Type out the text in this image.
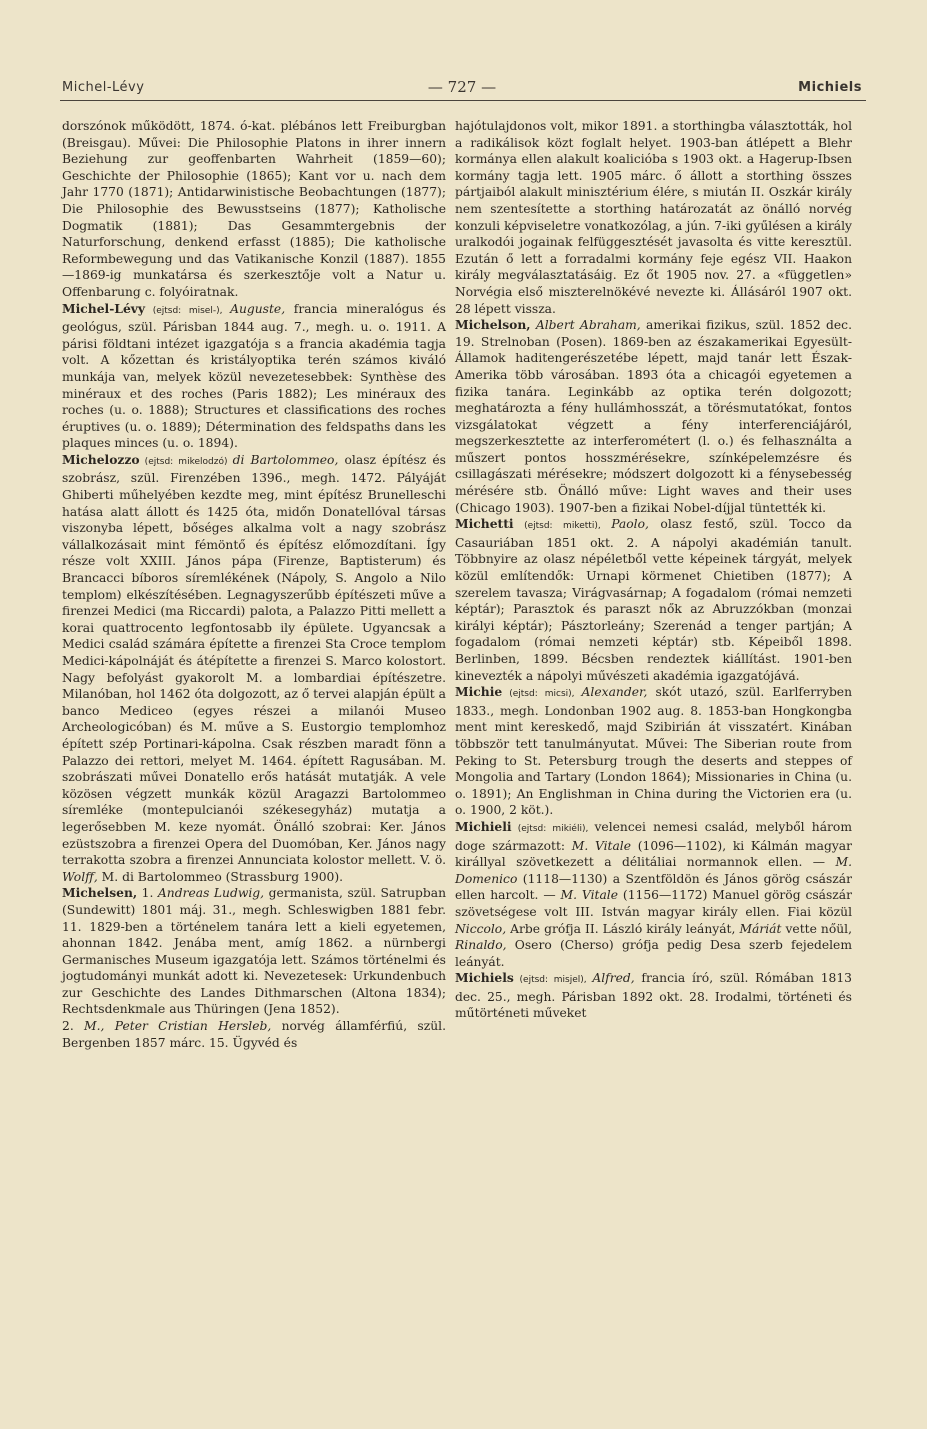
Michel-Lévy	— 727 —	Michiels

dorszónok működött, 1874. ó-kat. plébános lett Freiburgban (Breisgau). Művei: Die Philosophie Platons in ihrer innern Beziehung zur geoffenbarten Wahrheit (1859—60); Geschichte der Philosophie (1865); Kant vor u. nach dem Jahr 1770 (1871); Antidarwinistische Beobachtungen (1877); Die Philosophie des Bewusstseins (1877); Katholische Dogmatik (1881); Das Gesammtergebnis der Naturforschung, denkend erfasst (1885); Die katholische Reformbewegung und das Vatikanische Konzil (1887). 1855—1869-ig munkatársa és szerkesztője volt a Natur u. Offenbarung c. folyóiratnak.

Michel-Lévy (ejtsd: misel-), Auguste, francia mineralógus és geológus, szül. Párisban 1844 aug. 7., megh. u. o. 1911. A párisi földtani intézet igazgatója s a francia akadémia tagja volt. A kőzettan és kristályoptika terén számos kiváló munkája van, melyek közül nevezetesebbek: Synthèse des minéraux et des roches (Paris 1882); Les minéraux des roches (u. o. 1888); Structures et classifications des roches éruptives (u. o. 1889); Détermination des feldspaths dans les plaques minces (u. o. 1894).

Michelozzo (ejtsd: mikelodzó) di Bartolommeo, olasz építész és szobrász, szül. Firenzében 1396., megh. 1472. Pályáját Ghiberti műhelyében kezdte meg, mint építész Brunelleschi hatása alatt állott és 1425 óta, midőn Donatellóval társas viszonyba lépett, bőséges alkalma volt a nagy szobrász vállalkozásait mint fémöntő és építész előmozdítani. Így része volt XXIII. János pápa (Firenze, Baptisterum) és Brancacci bíboros síremlékének (Nápoly, S. Angolo a Nilo templom) elkészítésében. Legnagyszerűbb építészeti műve a firenzei Medici (ma Riccardi) palota, a Palazzo Pitti mellett a korai quattrocento legfontosabb ily épülete. Ugyancsak a Medici család számára építette a firenzei Sta Croce templom Medici-kápolnáját és átépítette a firenzei S. Marco kolostort. Nagy befolyást gyakorolt M. a lombardiai építészetre. Milanóban, hol 1462 óta dolgozott, az ő tervei alapján épült a banco Mediceo (egyes részei a milanói Museo Archeologicóban) és M. műve a S. Eustorgio templomhoz épített szép Portinari-kápolna. Csak részben maradt fönn a Palazzo dei rettori, melyet M. 1464. épített Ragusában. M. szobrászati művei Donatello erős hatását mutatják. A vele közösen végzett munkák közül Aragazzi Bartolommeo síremléke (montepulcianói székesegyház) mutatja a legerősebben M. keze nyomát. Önálló szobrai: Ker. János ezüstszobra a firenzei Opera del Duomóban, Ker. János nagy terrakotta szobra a firenzei Annunciata kolostor mellett. V. ö. Wolff, M. di Bartolommeo (Strassburg 1900).

Michelsen, 1. Andreas Ludwig, germanista, szül. Satrupban (Sundewitt) 1801 máj. 31., megh. Schleswigben 1881 febr. 11. 1829-ben a történelem tanára lett a kieli egyetemen, ahonnan 1842. Jenába ment, amíg 1862. a nürnbergi Germanisches Museum igazgatója lett. Számos történelmi és jogtudományi munkát adott ki. Nevezetesek: Urkundenbuch zur Geschichte des Landes Dithmarschen (Altona 1834); Rechtsdenkmale aus Thüringen (Jena 1852).

2. M., Peter Cristian Hersleb, norvég államférfiú, szül. Bergenben 1857 márc. 15. Ügyvéd és

hajótulajdonos volt, mikor 1891. a storthingba választották, hol a radikálisok közt foglalt helyet. 1903-ban átlépett a Blehr kormánya ellen alakult koalicióba s 1903 okt. a Hagerup-Ibsen kormány tagja lett. 1905 márc. ő állott a storthing összes pártjaiból alakult minisztérium élére, s miután II. Oszkár király nem szentesítette a storthing határozatát az önálló norvég konzuli képviseletre vonatkozólag, a jún. 7-iki gyűlésen a király uralkodói jogainak felfüggesztését javasolta és vitte keresztül. Ezután ő lett a forradalmi kormány feje egész VII. Haakon király megválasztatásáig. Ez őt 1905 nov. 27. a «független» Norvégia első miszterelnökévé nevezte ki. Állásáról 1907 okt. 28 lépett vissza.

Michelson, Albert Abraham, amerikai fizikus, szül. 1852 dec. 19. Strelnoban (Posen). 1869-ben az északamerikai Egyesült-Államok haditengerészetébe lépett, majd tanár lett Észak-Amerika több városában. 1893 óta a chicagói egyetemen a fizika tanára. Leginkább az optika terén dolgozott; meghatározta a fény hullámhosszát, a törésmutatókat, fontos vizsgálatokat végzett a fény interferenciájáról, megszerkesztette az interferométert (l. o.) és felhasználta a műszert pontos hosszmérésekre, színképelemzésre és csillagászati mérésekre; módszert dolgozott ki a fénysebesség mérésére stb. Önálló műve: Light waves and their uses (Chicago 1903). 1907-ben a fizikai Nobel-díjjal tüntették ki.

Michetti (ejtsd: miketti), Paolo, olasz festő, szül. Tocco da Casauriában 1851 okt. 2. A nápolyi akadémián tanult. Többnyire az olasz népéletből vette képeinek tárgyát, melyek közül említendők: Urnapi körmenet Chietiben (1877); A szerelem tavasza; Virágvasárnap; A fogadalom (római nemzeti képtár); Parasztok és paraszt nők az Abruzzókban (monzai királyi képtár); Pásztorleány; Szerenád a tenger partján; A fogadalom (római nemzeti képtár) stb. Képeiből 1898. Berlinben, 1899. Bécsben rendeztek kiállítást. 1901-ben kinevezték a nápolyi művészeti akadémia igazgatójává.

Michie (ejtsd: micsi), Alexander, skót utazó, szül. Earlferryben 1833., megh. Londonban 1902 aug. 8. 1853-ban Hongkongba ment mint kereskedő, majd Szibirián át visszatért. Kinában többször tett tanulmányutat. Művei: The Siberian route from Peking to St. Petersburg trough the deserts and steppes of Mongolia and Tartary (London 1864); Missionaries in China (u. o. 1891); An Englishman in China during the Victorien era (u. o. 1900, 2 köt.).

Michieli (ejtsd: mikiéli), velencei nemesi család, melyből három doge származott: M. Vitale (1096—1102), ki Kálmán magyar királlyal szövetkezett a délitáliai normannok ellen. — M. Domenico (1118—1130) a Szentföldön és János görög császár ellen harcolt. — M. Vitale (1156—1172) Manuel görög császár szövetségese volt III. István magyar király ellen. Fiai közül Niccolo, Arbe grófja II. László király leányát, Máriát vette nőül, Rinaldo, Osero (Cherso) grófja pedig Desa szerb fejedelem leányát.

Michiels (ejtsd: misjel), Alfred, francia író, szül. Rómában 1813 dec. 25., megh. Párisban 1892 okt. 28. Irodalmi, történeti és műtörténeti műveket
